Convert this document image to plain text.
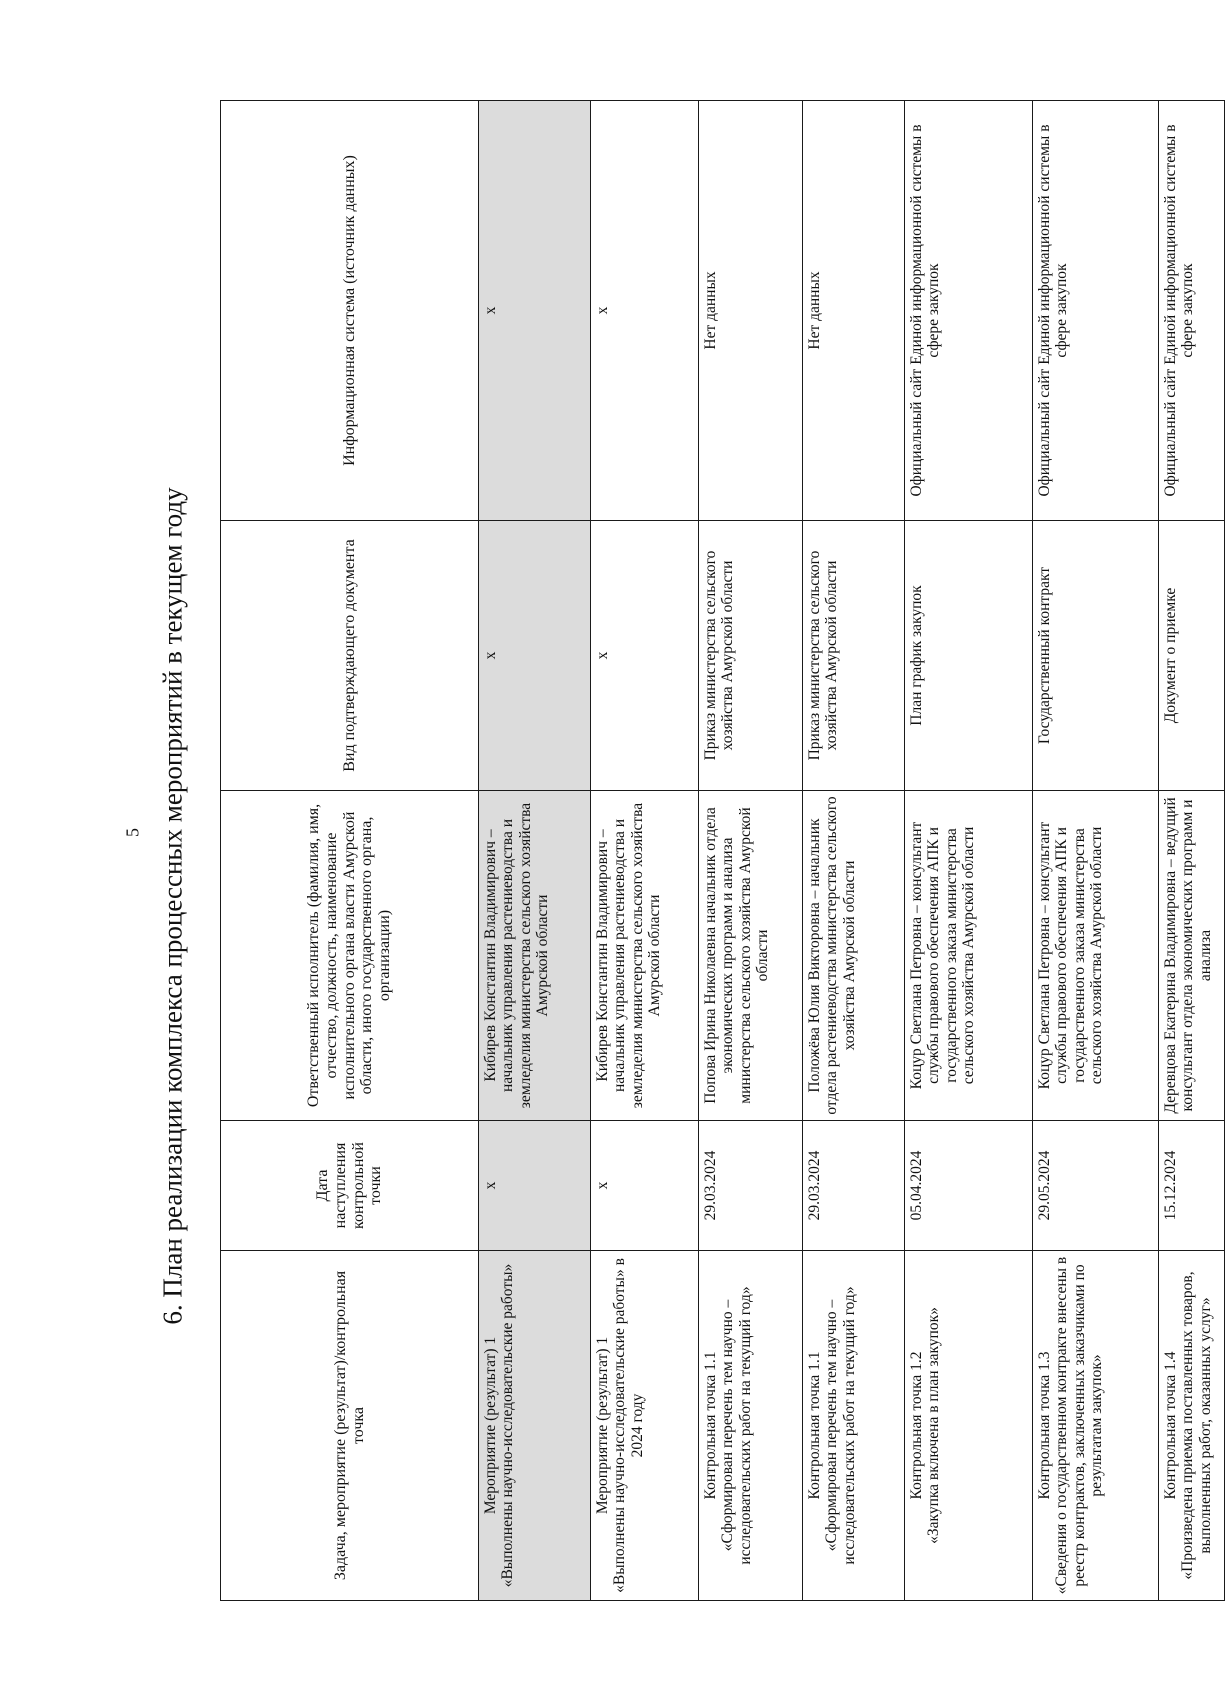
5 6. План реализации комплекса процессных мероприятий в текущем году
Задача, мероприятие (результат)/контрольная точка	Дата наступления контрольной точки	Ответственный исполнитель (фамилия, имя, отчество, должность, наименование исполнительного органа власти Амурской области, иного государственного органа, организации)	Вид подтверждающего документа	Информационная система (источник данных)

Мероприятие (результат) 1 «Выполнены научно-исследовательские работы»	x	Кибирев Константин Владимирович – начальник управления растениеводства и земледелия министерства сельского хозяйства Амурской области	x	x

Мероприятие (результат) 1 «Выполнены научно-исследовательские работы» в 2024 году	x	Кибирев Константин Владимирович – начальник управления растениеводства и земледелия министерства сельского хозяйства Амурской области	x	x

Контрольная точка 1.1 «Сформирован перечень тем научно – исследовательских работ на текущий год»	29.03.2024	Попова Ирина Николаевна начальник отдела экономических программ и анализа министерства сельского хозяйства Амурской области	Приказ министерства сельского хозяйства Амурской области	Нет данных

Контрольная точка 1.1 «Сформирован перечень тем научно – исследовательских работ на текущий год»	29.03.2024	Положёва Юлия Викторовна – начальник отдела растениеводства министерства сельского хозяйства Амурской области	Приказ министерства сельского хозяйства Амурской области	Нет данных

Контрольная точка 1.2 «Закупка включена в план закупок»	05.04.2024	Коцур Светлана Петровна – консультант службы правового обеспечения АПК и государственного заказа министерства сельского хозяйства Амурской области	План график закупок	Официальный сайт Единой информационной системы в сфере закупок

Контрольная точка 1.3 «Сведения о государственном контракте внесены в реестр контрактов, заключенных заказчиками по результатам закупок»	29.05.2024	Коцур Светлана Петровна – консультант службы правового обеспечения АПК и государственного заказа министерства сельского хозяйства Амурской области	Государственный контракт	Официальный сайт Единой информационной системы в сфере закупок

Контрольная точка 1.4 «Произведена приемка поставленных товаров, выполненных работ, оказанных услуг»	15.12.2024	Деревцова Екатерина Владимировна – ведущий консультант отдела экономических программ и анализа	Документ о приемке	Официальный сайт Единой информационной системы в сфере закупок
